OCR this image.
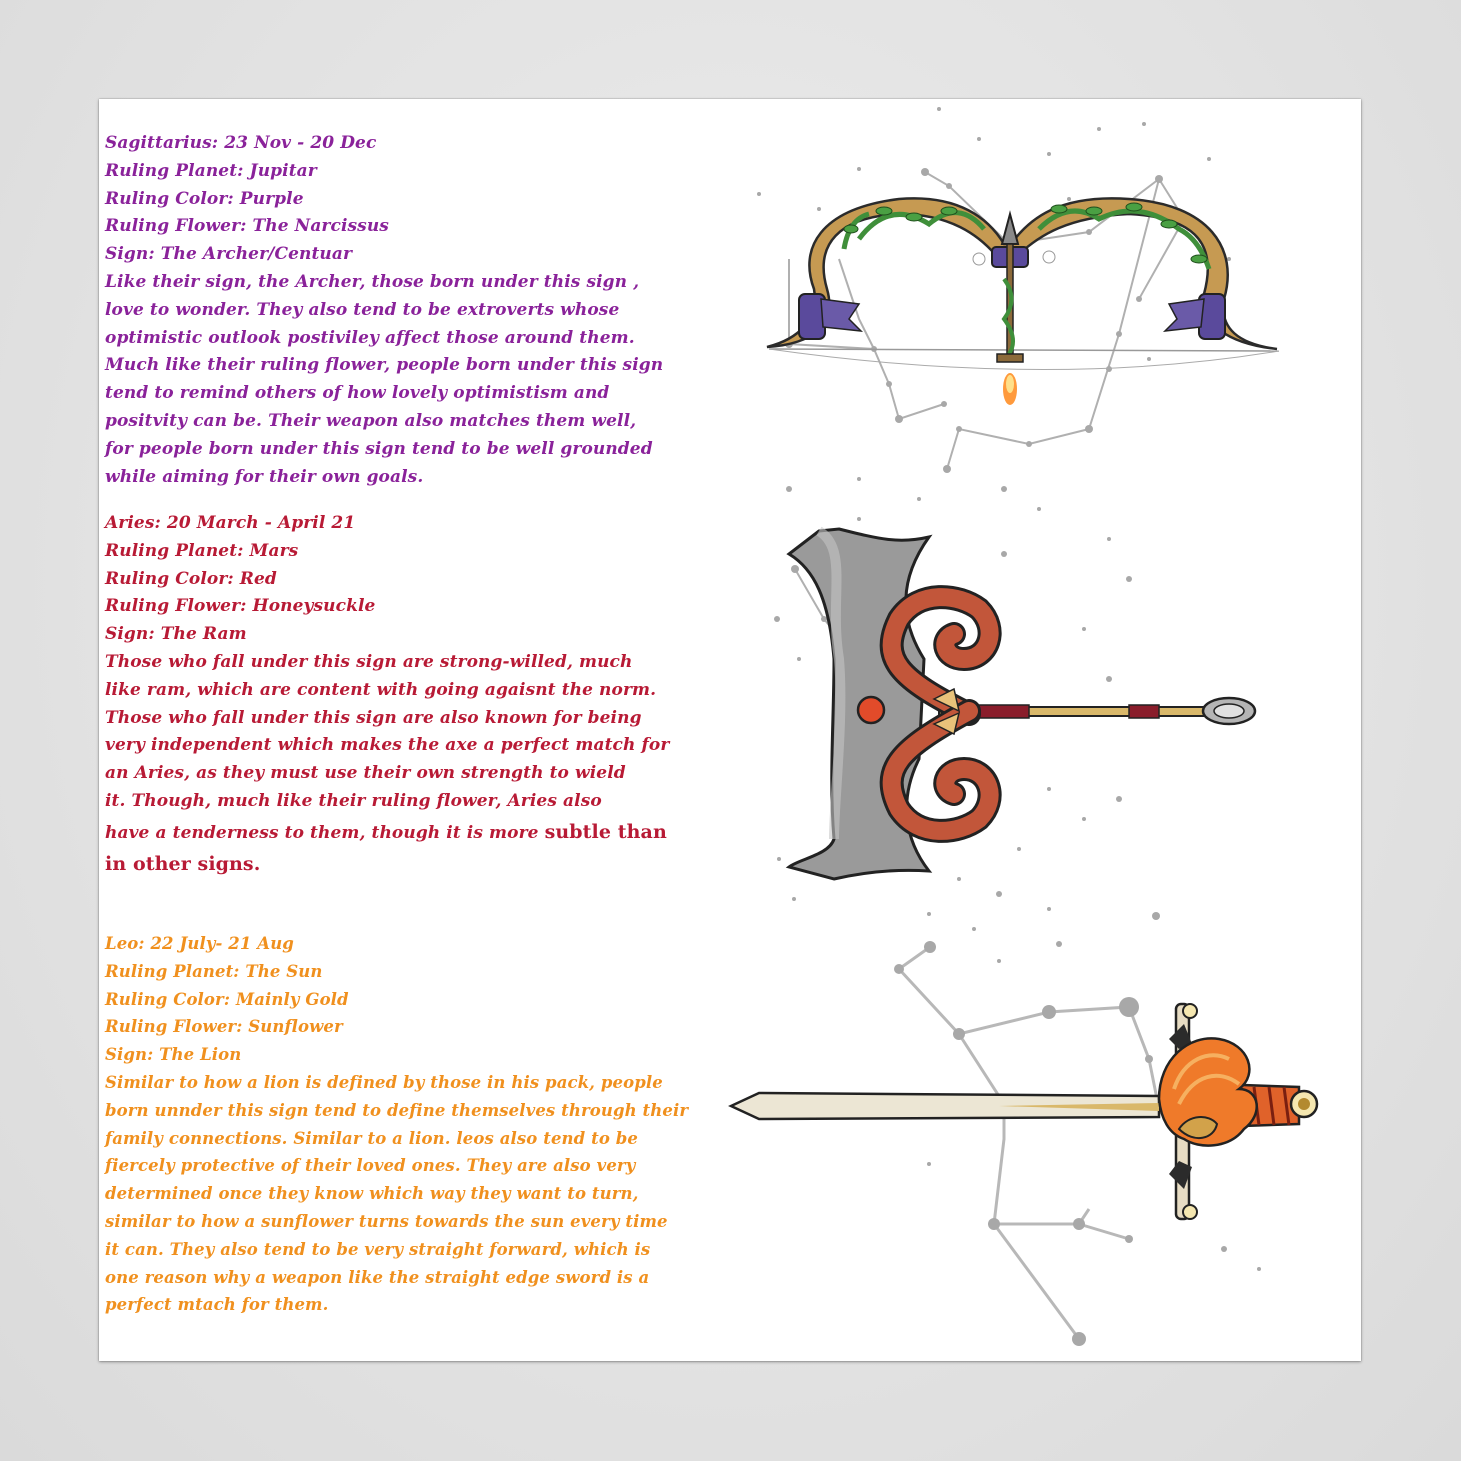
Sagittarius: 23 Nov - 20 Dec
Ruling Planet: Jupitar
Ruling Color: Purple
Ruling Flower: The Narcissus
Sign: The Archer/Centuar
Like their sign, the Archer, those born under this sign ,
love to wonder. They also tend to be extroverts whose
optimistic outlook postiviley affect those around them.
Much like their ruling flower, people born under this sign
tend to remind others of how lovely optimistism and
positvity can be. Their weapon also matches them well,
for people born under this sign tend to be well grounded
while aiming for their own goals.
Aries: 20 March - April 21
Ruling Planet: Mars
Ruling Color: Red
Ruling Flower: Honeysuckle
Sign: The Ram
Those who fall under this sign are strong-willed, much
like ram, which are content with going agaisnt the norm.
Those who fall under this sign are also known for being
very independent which makes the axe a perfect match for
an Aries, as they must use their own strength to wield
it. Though, much like their ruling flower, Aries also
have a tenderness to them, though it is more subtle than
in other signs.
Leo: 22 July- 21 Aug
Ruling Planet: The Sun
Ruling Color: Mainly Gold
Ruling Flower: Sunflower
Sign: The Lion
Similar to how a lion is defined by those in his pack, people
born unnder this sign tend to define themselves through their
family connections. Similar to a lion. leos also tend to be
fiercely protective of their loved ones. They are also very
determined once they know which way they want to turn,
similar to how a sunflower turns towards the sun every time
it can. They also tend to be very straight forward, which is
one reason why a weapon like the straight edge sword is a
perfect mtach for them.
